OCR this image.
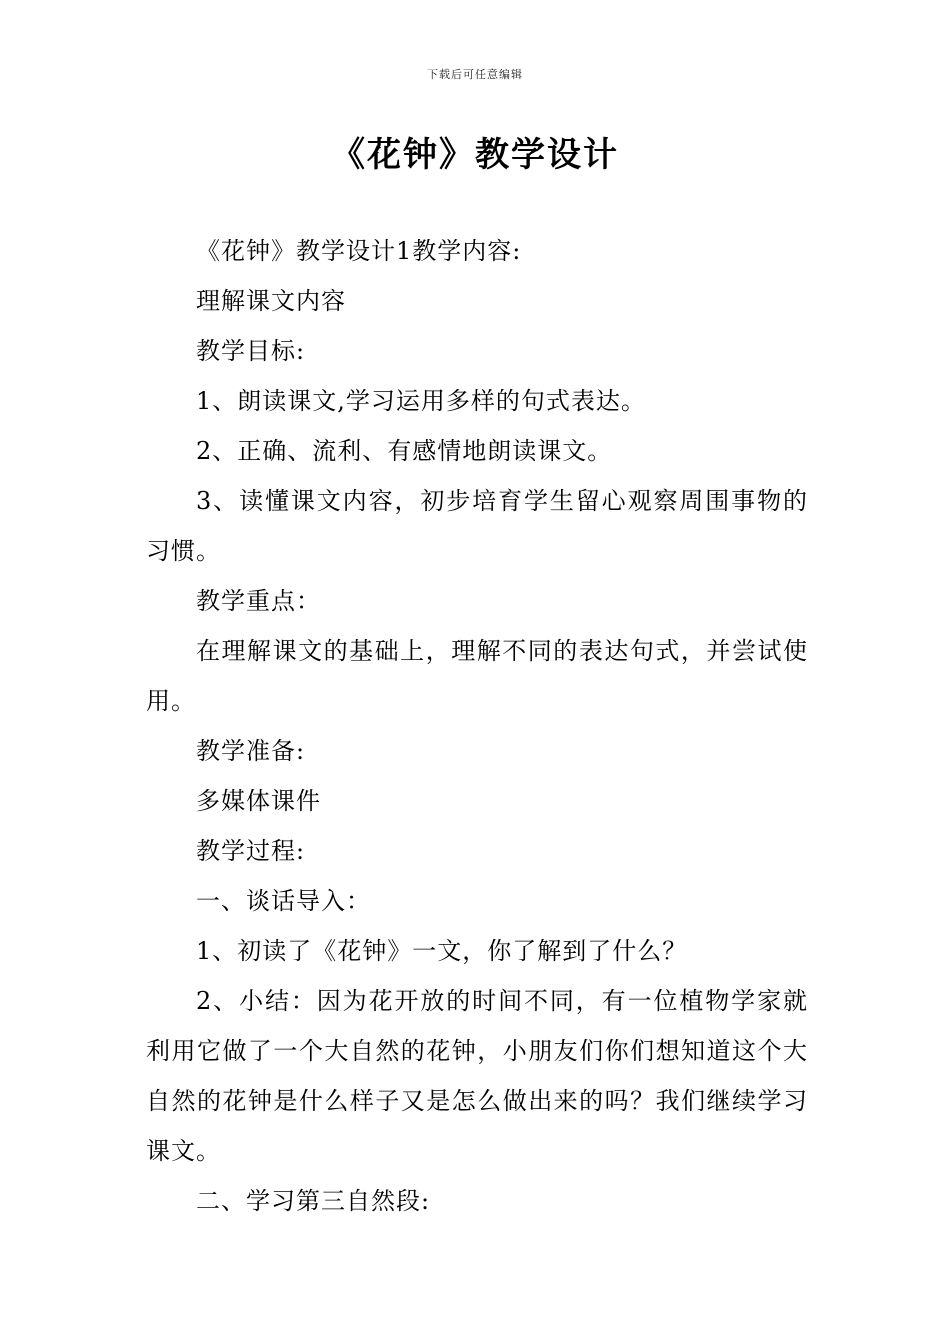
下载后可任意编辑
《花钟》教学设计

《花钟》教学设计1教学内容:

理解课文内容

教学目标:

1、朗读课文,学习运用多样的句式表达。

2、正确、流利、有感情地朗读课文。

3、读懂课文内容，初步培育学生留心观察周围事物的习惯。

教学重点：

在理解课文的基础上，理解不同的表达句式，并尝试使用。

教学准备:

多媒体课件

教学过程:

一、谈话导入：

1、初读了《花钟》一文，你了解到了什么？

2、小结：因为花开放的时间不同，有一位植物学家就利用它做了一个大自然的花钟，小朋友们你们想知道这个大自然的花钟是什么样子又是怎么做出来的吗？我们继续学习课文。

二、学习第三自然段:
